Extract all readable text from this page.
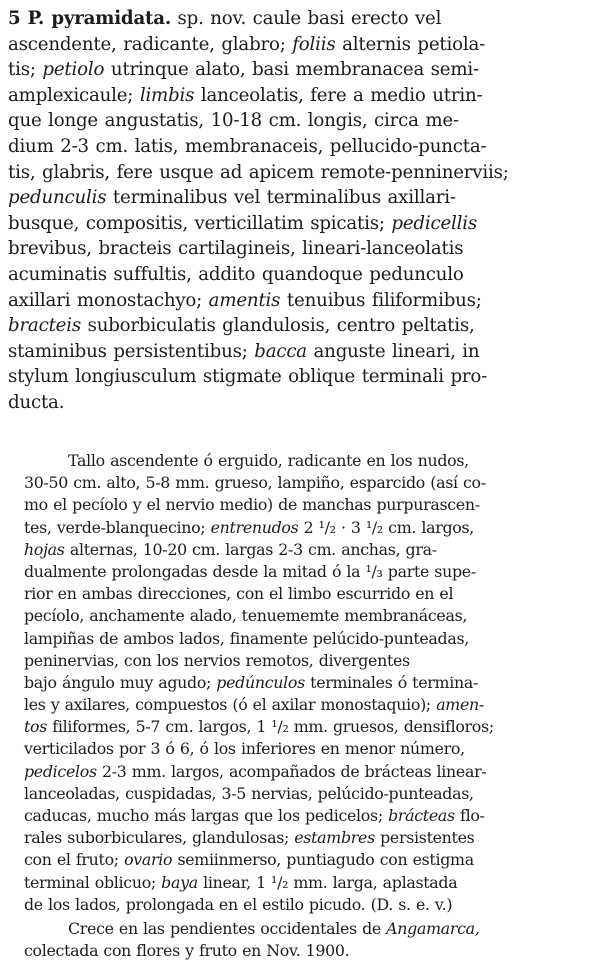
5 P. pyramidata. sp. nov. caule basi erecto vel
ascendente, radicante, glabro; foliis alternis petiola-
tis; petiolo utrinque alato, basi membranacea semi-
amplexicaule; limbis lanceolatis, fere a medio utrin-
que longe angustatis, 10-18 cm. longis, circa me-
dium 2-3 cm. latis, membranaceis, pellucido-puncta-
tis, glabris, fere usque ad apicem remote-penninerviis;
pedunculis terminalibus vel terminalibus axillari-
busque, compositis, verticillatim spicatis; pedicellis
brevibus, bracteis cartilagineis, lineari-lanceolatis
acuminatis suffultis, addito quandoque pedunculo
axillari monostachyo; amentis tenuibus filiformibus;
bracteis suborbiculatis glandulosis, centro peltatis,
staminibus persistentibus; bacca anguste lineari, in
stylum longiusculum stigmate oblique terminali pro-
ducta.
Tallo ascendente ó erguido, radicante en los nudos,
30-50 cm. alto, 5-8 mm. grueso, lampiño, esparcido (así co-
mo el pecíolo y el nervio medio) de manchas purpurascen-
tes, verde-blanquecino; entrenudos 2 ¹/₂ · 3 ¹/₂ cm. largos,
hojas alternas, 10-20 cm. largas 2-3 cm. anchas, gra-
dualmente prolongadas desde la mitad ó la ¹/₃ parte supe-
rior en ambas direcciones, con el limbo escurrido en el
pecíolo, anchamente alado, tenuememte membranáceas,
lampiñas de ambos lados, finamente pelúcido-punteadas,
peninervias, con los nervios remotos, divergentes
bajo ángulo muy agudo; pedúnculos terminales ó termina-
les y axilares, compuestos (ó el axilar monostaquio); amen-
tos filiformes, 5-7 cm. largos, 1 ¹/₂ mm. gruesos, densifloros;
verticilados por 3 ó 6, ó los inferiores en menor número,
pedicelos 2-3 mm. largos, acompañados de brácteas linear-
lanceoladas, cuspidadas, 3-5 nervias, pelúcido-punteadas,
caducas, mucho más largas que los pedicelos; brácteas flo-
rales suborbiculares, glandulosas; estambres persistentes
con el fruto; ovario semiinmerso, puntiagudo con estigma
terminal oblicuo; baya linear, 1 ¹/₂ mm. larga, aplastada
de los lados, prolongada en el estilo picudo. (D. s. e. v.)
Crece en las pendientes occidentales de Angamarca,
colectada con flores y fruto en Nov. 1900.
